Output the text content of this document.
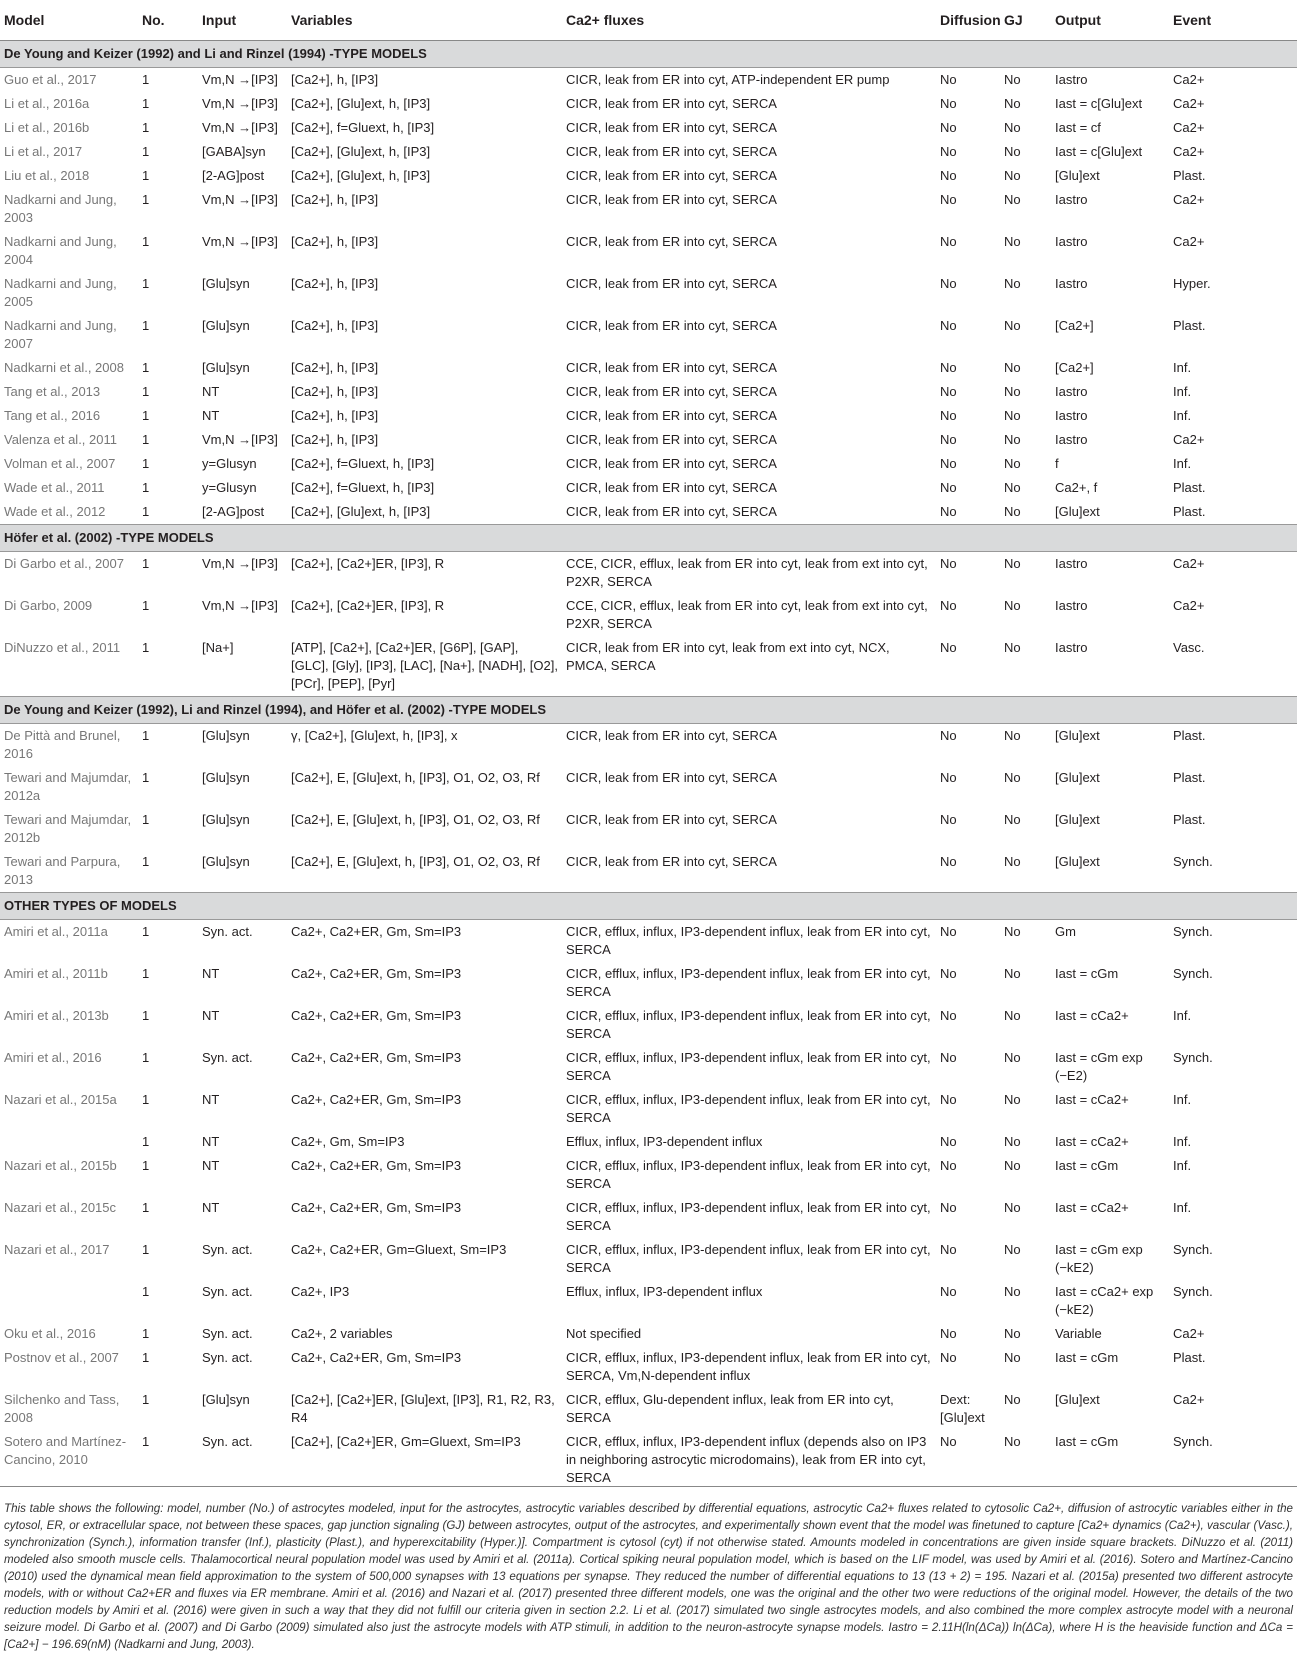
Model	No.	Input	Variables	Ca2+ fluxes	Diffusion	GJ	Output	Event
De Young and Keizer (1992) and Li and Rinzel (1994) -TYPE MODELS								
Guo et al., 2017	1	Vm,N →[IP3]	[Ca2+], h, [IP3]	CICR, leak from ER into cyt, ATP-independent ER pump	No	No	Iastro	Ca2+
Li et al., 2016a	1	Vm,N →[IP3]	[Ca2+], [Glu]ext, h, [IP3]	CICR, leak from ER into cyt, SERCA	No	No	Iast = c[Glu]ext	Ca2+
Li et al., 2016b	1	Vm,N →[IP3]	[Ca2+], f=Gluext, h, [IP3]	CICR, leak from ER into cyt, SERCA	No	No	Iast = cf	Ca2+
Li et al., 2017	1	[GABA]syn	[Ca2+], [Glu]ext, h, [IP3]	CICR, leak from ER into cyt, SERCA	No	No	Iast = c[Glu]ext	Ca2+
Liu et al., 2018	1	[2-AG]post	[Ca2+], [Glu]ext, h, [IP3]	CICR, leak from ER into cyt, SERCA	No	No	[Glu]ext	Plast.
Nadkarni and Jung, 2003	1	Vm,N →[IP3]	[Ca2+], h, [IP3]	CICR, leak from ER into cyt, SERCA	No	No	Iastro	Ca2+
Nadkarni and Jung, 2004	1	Vm,N →[IP3]	[Ca2+], h, [IP3]	CICR, leak from ER into cyt, SERCA	No	No	Iastro	Ca2+
Nadkarni and Jung, 2005	1	[Glu]syn	[Ca2+], h, [IP3]	CICR, leak from ER into cyt, SERCA	No	No	Iastro	Hyper.
Nadkarni and Jung, 2007	1	[Glu]syn	[Ca2+], h, [IP3]	CICR, leak from ER into cyt, SERCA	No	No	[Ca2+]	Plast.
Nadkarni et al., 2008	1	[Glu]syn	[Ca2+], h, [IP3]	CICR, leak from ER into cyt, SERCA	No	No	[Ca2+]	Inf.
Tang et al., 2013	1	NT	[Ca2+], h, [IP3]	CICR, leak from ER into cyt, SERCA	No	No	Iastro	Inf.
Tang et al., 2016	1	NT	[Ca2+], h, [IP3]	CICR, leak from ER into cyt, SERCA	No	No	Iastro	Inf.
Valenza et al., 2011	1	Vm,N →[IP3]	[Ca2+], h, [IP3]	CICR, leak from ER into cyt, SERCA	No	No	Iastro	Ca2+
Volman et al., 2007	1	y=Glusyn	[Ca2+], f=Gluext, h, [IP3]	CICR, leak from ER into cyt, SERCA	No	No	f	Inf.
Wade et al., 2011	1	y=Glusyn	[Ca2+], f=Gluext, h, [IP3]	CICR, leak from ER into cyt, SERCA	No	No	Ca2+, f	Plast.
Wade et al., 2012	1	[2-AG]post	[Ca2+], [Glu]ext, h, [IP3]	CICR, leak from ER into cyt, SERCA	No	No	[Glu]ext	Plast.
Höfer et al. (2002) -TYPE MODELS								
Di Garbo et al., 2007	1	Vm,N →[IP3]	[Ca2+], [Ca2+]ER, [IP3], R	CCE, CICR, efflux, leak from ER into cyt, leak from ext into cyt, P2XR, SERCA	No	No	Iastro	Ca2+
Di Garbo, 2009	1	Vm,N →[IP3]	[Ca2+], [Ca2+]ER, [IP3], R	CCE, CICR, efflux, leak from ER into cyt, leak from ext into cyt, P2XR, SERCA	No	No	Iastro	Ca2+
DiNuzzo et al., 2011	1	[Na+]	[ATP], [Ca2+], [Ca2+]ER, [G6P], [GAP], [GLC], [Gly], [IP3], [LAC], [Na+], [NADH], [O2], [PCr], [PEP], [Pyr]	CICR, leak from ER into cyt, leak from ext into cyt, NCX, PMCA, SERCA	No	No	Iastro	Vasc.
De Young and Keizer (1992), Li and Rinzel (1994), and Höfer et al. (2002) -TYPE MODELS								
De Pittà and Brunel, 2016	1	[Glu]syn	γ, [Ca2+], [Glu]ext, h, [IP3], x	CICR, leak from ER into cyt, SERCA	No	No	[Glu]ext	Plast.
Tewari and Majumdar, 2012a	1	[Glu]syn	[Ca2+], E, [Glu]ext, h, [IP3], O1, O2, O3, Rf	CICR, leak from ER into cyt, SERCA	No	No	[Glu]ext	Plast.
Tewari and Majumdar, 2012b	1	[Glu]syn	[Ca2+], E, [Glu]ext, h, [IP3], O1, O2, O3, Rf	CICR, leak from ER into cyt, SERCA	No	No	[Glu]ext	Plast.
Tewari and Parpura, 2013	1	[Glu]syn	[Ca2+], E, [Glu]ext, h, [IP3], O1, O2, O3, Rf	CICR, leak from ER into cyt, SERCA	No	No	[Glu]ext	Synch.
OTHER TYPES OF MODELS								
Amiri et al., 2011a	1	Syn. act.	Ca2+, Ca2+ER, Gm, Sm=IP3	CICR, efflux, influx, IP3-dependent influx, leak from ER into cyt, SERCA	No	No	Gm	Synch.
Amiri et al., 2011b	1	NT	Ca2+, Ca2+ER, Gm, Sm=IP3	CICR, efflux, influx, IP3-dependent influx, leak from ER into cyt, SERCA	No	No	Iast = cGm	Synch.
Amiri et al., 2013b	1	NT	Ca2+, Ca2+ER, Gm, Sm=IP3	CICR, efflux, influx, IP3-dependent influx, leak from ER into cyt, SERCA	No	No	Iast = cCa2+	Inf.
Amiri et al., 2016	1	Syn. act.	Ca2+, Ca2+ER, Gm, Sm=IP3	CICR, efflux, influx, IP3-dependent influx, leak from ER into cyt, SERCA	No	No	Iast = cGm exp (−E2)	Synch.
Nazari et al., 2015a	1	NT	Ca2+, Ca2+ER, Gm, Sm=IP3	CICR, efflux, influx, IP3-dependent influx, leak from ER into cyt, SERCA	No	No	Iast = cCa2+	Inf.
	1	NT	Ca2+, Gm, Sm=IP3	Efflux, influx, IP3-dependent influx	No	No	Iast = cCa2+	Inf.
Nazari et al., 2015b	1	NT	Ca2+, Ca2+ER, Gm, Sm=IP3	CICR, efflux, influx, IP3-dependent influx, leak from ER into cyt, SERCA	No	No	Iast = cGm	Inf.
Nazari et al., 2015c	1	NT	Ca2+, Ca2+ER, Gm, Sm=IP3	CICR, efflux, influx, IP3-dependent influx, leak from ER into cyt, SERCA	No	No	Iast = cCa2+	Inf.
Nazari et al., 2017	1	Syn. act.	Ca2+, Ca2+ER, Gm=Gluext, Sm=IP3	CICR, efflux, influx, IP3-dependent influx, leak from ER into cyt, SERCA	No	No	Iast = cGm exp (−kE2)	Synch.
	1	Syn. act.	Ca2+, IP3	Efflux, influx, IP3-dependent influx	No	No	Iast = cCa2+ exp (−kE2)	Synch.
Oku et al., 2016	1	Syn. act.	Ca2+, 2 variables	Not specified	No	No	Variable	Ca2+
Postnov et al., 2007	1	Syn. act.	Ca2+, Ca2+ER, Gm, Sm=IP3	CICR, efflux, influx, IP3-dependent influx, leak from ER into cyt, SERCA, Vm,N-dependent influx	No	No	Iast = cGm	Plast.
Silchenko and Tass, 2008	1	[Glu]syn	[Ca2+], [Ca2+]ER, [Glu]ext, [IP3], R1, R2, R3, R4	CICR, efflux, Glu-dependent influx, leak from ER into cyt, SERCA	Dext: [Glu]ext	No	[Glu]ext	Ca2+
Sotero and Martínez-Cancino, 2010	1	Syn. act.	[Ca2+], [Ca2+]ER, Gm=Gluext, Sm=IP3	CICR, efflux, influx, IP3-dependent influx (depends also on IP3 in neighboring astrocytic microdomains), leak from ER into cyt, SERCA	No	No	Iast = cGm	Synch.
This table shows the following: model, number (No.) of astrocytes modeled, input for the astrocytes, astrocytic variables described by differential equations, astrocytic Ca2+ fluxes related to cytosolic Ca2+, diffusion of astrocytic variables either in the cytosol, ER, or extracellular space, not between these spaces, gap junction signaling (GJ) between astrocytes, output of the astrocytes, and experimentally shown event that the model was finetuned to capture [Ca2+ dynamics (Ca2+), vascular (Vasc.), synchronization (Synch.), information transfer (Inf.), plasticity (Plast.), and hyperexcitability (Hyper.)]. Compartment is cytosol (cyt) if not otherwise stated. Amounts modeled in concentrations are given inside square brackets. DiNuzzo et al. (2011) modeled also smooth muscle cells. Thalamocortical neural population model was used by Amiri et al. (2011a). Cortical spiking neural population model, which is based on the LIF model, was used by Amiri et al. (2016). Sotero and Martínez-Cancino (2010) used the dynamical mean field approximation to the system of 500,000 synapses with 13 equations per synapse. They reduced the number of differential equations to 13 (13 + 2) = 195. Nazari et al. (2015a) presented two different astrocyte models, with or without Ca2+ER and fluxes via ER membrane. Amiri et al. (2016) and Nazari et al. (2017) presented three different models, one was the original and the other two were reductions of the original model. However, the details of the two reduction models by Amiri et al. (2016) were given in such a way that they did not fulfill our criteria given in section 2.2. Li et al. (2017) simulated two single astrocytes models, and also combined the more complex astrocyte model with a neuronal seizure model. Di Garbo et al. (2007) and Di Garbo (2009) simulated also just the astrocyte models with ATP stimuli, in addition to the neuron-astrocyte synapse models. Iastro = 2.11H(ln(ΔCa)) ln(ΔCa), where H is the heaviside function and ΔCa = [Ca2+] − 196.69(nM) (Nadkarni and Jung, 2003).
